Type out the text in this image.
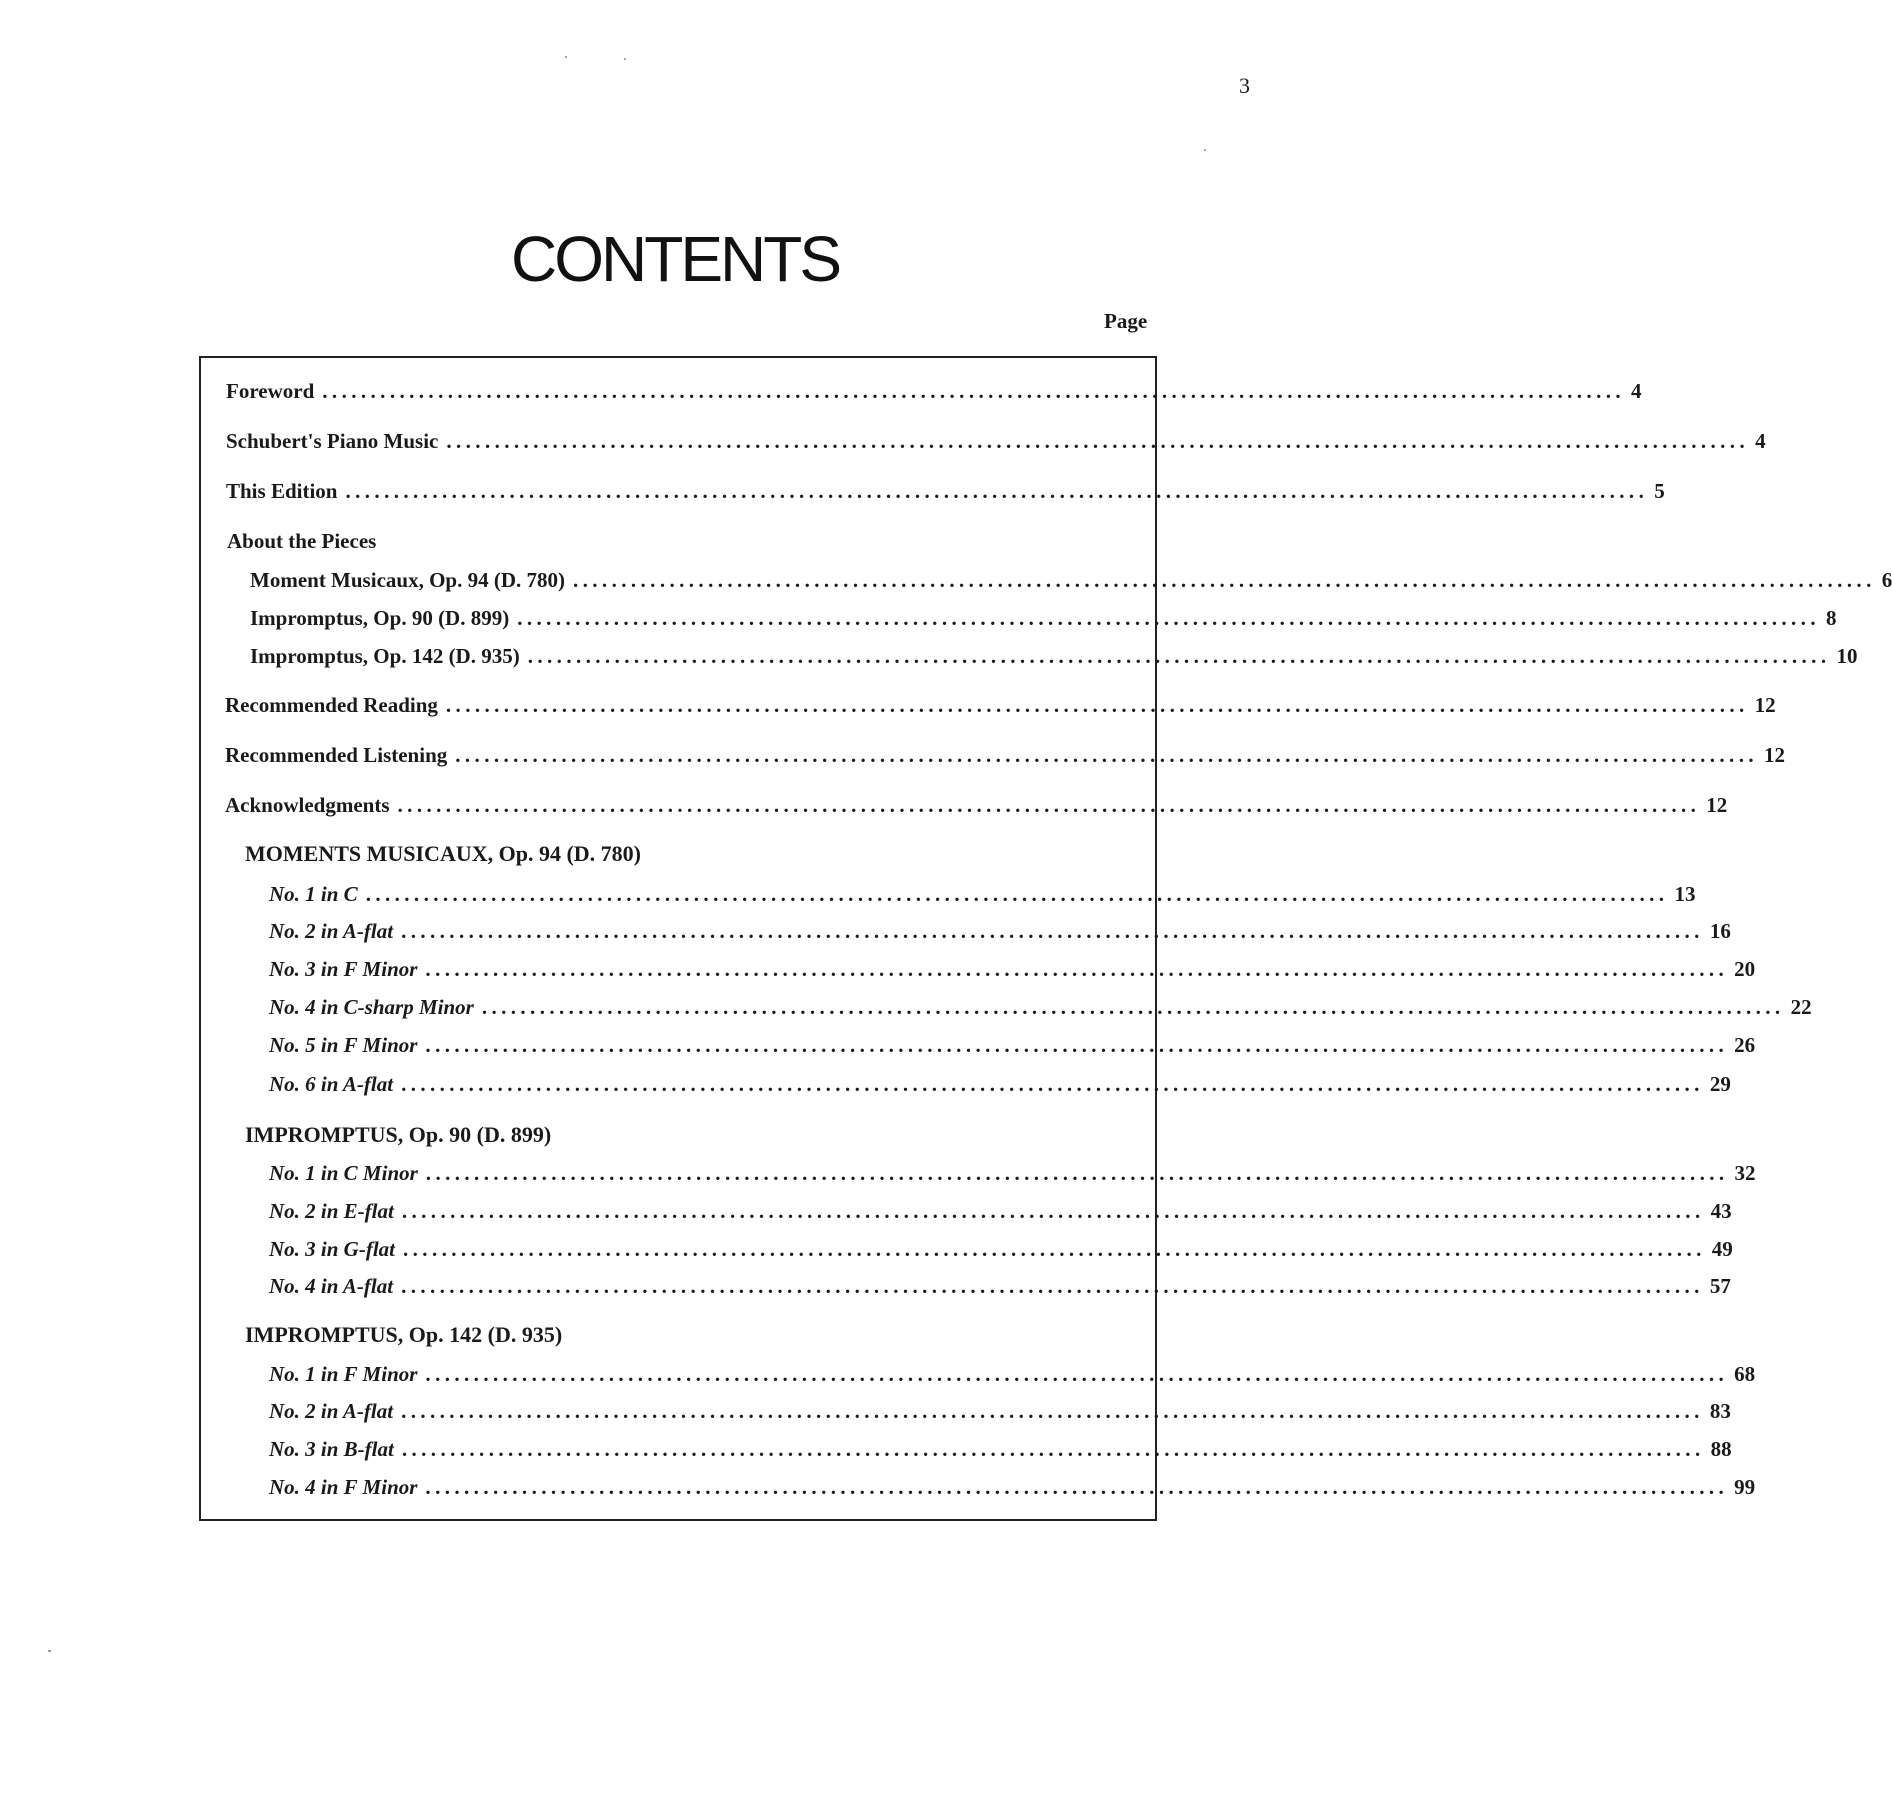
3
CONTENTS
Page
Foreword ....................................................................................................................................... 4
Schubert's Piano Music ....................................................................................................................................... 4
This Edition ....................................................................................................................................... 5
About the Pieces
Moment Musicaux, Op. 94 (D. 780) ....................................................................................................................................... 6
Impromptus, Op. 90 (D. 899) ....................................................................................................................................... 8
Impromptus, Op. 142 (D. 935) ....................................................................................................................................... 10
Recommended Reading ....................................................................................................................................... 12
Recommended Listening ....................................................................................................................................... 12
Acknowledgments ....................................................................................................................................... 12
MOMENTS MUSICAUX, Op. 94 (D. 780)
No. 1 in C ....................................................................................................................................... 13
No. 2 in A-flat ....................................................................................................................................... 16
No. 3 in F Minor ....................................................................................................................................... 20
No. 4 in C-sharp Minor ....................................................................................................................................... 22
No. 5 in F Minor ....................................................................................................................................... 26
No. 6 in A-flat ....................................................................................................................................... 29
IMPROMPTUS, Op. 90 (D. 899)
No. 1 in C Minor ....................................................................................................................................... 32
No. 2 in E-flat ....................................................................................................................................... 43
No. 3 in G-flat ....................................................................................................................................... 49
No. 4 in A-flat ....................................................................................................................................... 57
IMPROMPTUS, Op. 142 (D. 935)
No. 1 in F Minor ....................................................................................................................................... 68
No. 2 in A-flat ....................................................................................................................................... 83
No. 3 in B-flat ....................................................................................................................................... 88
No. 4 in F Minor ....................................................................................................................................... 99
